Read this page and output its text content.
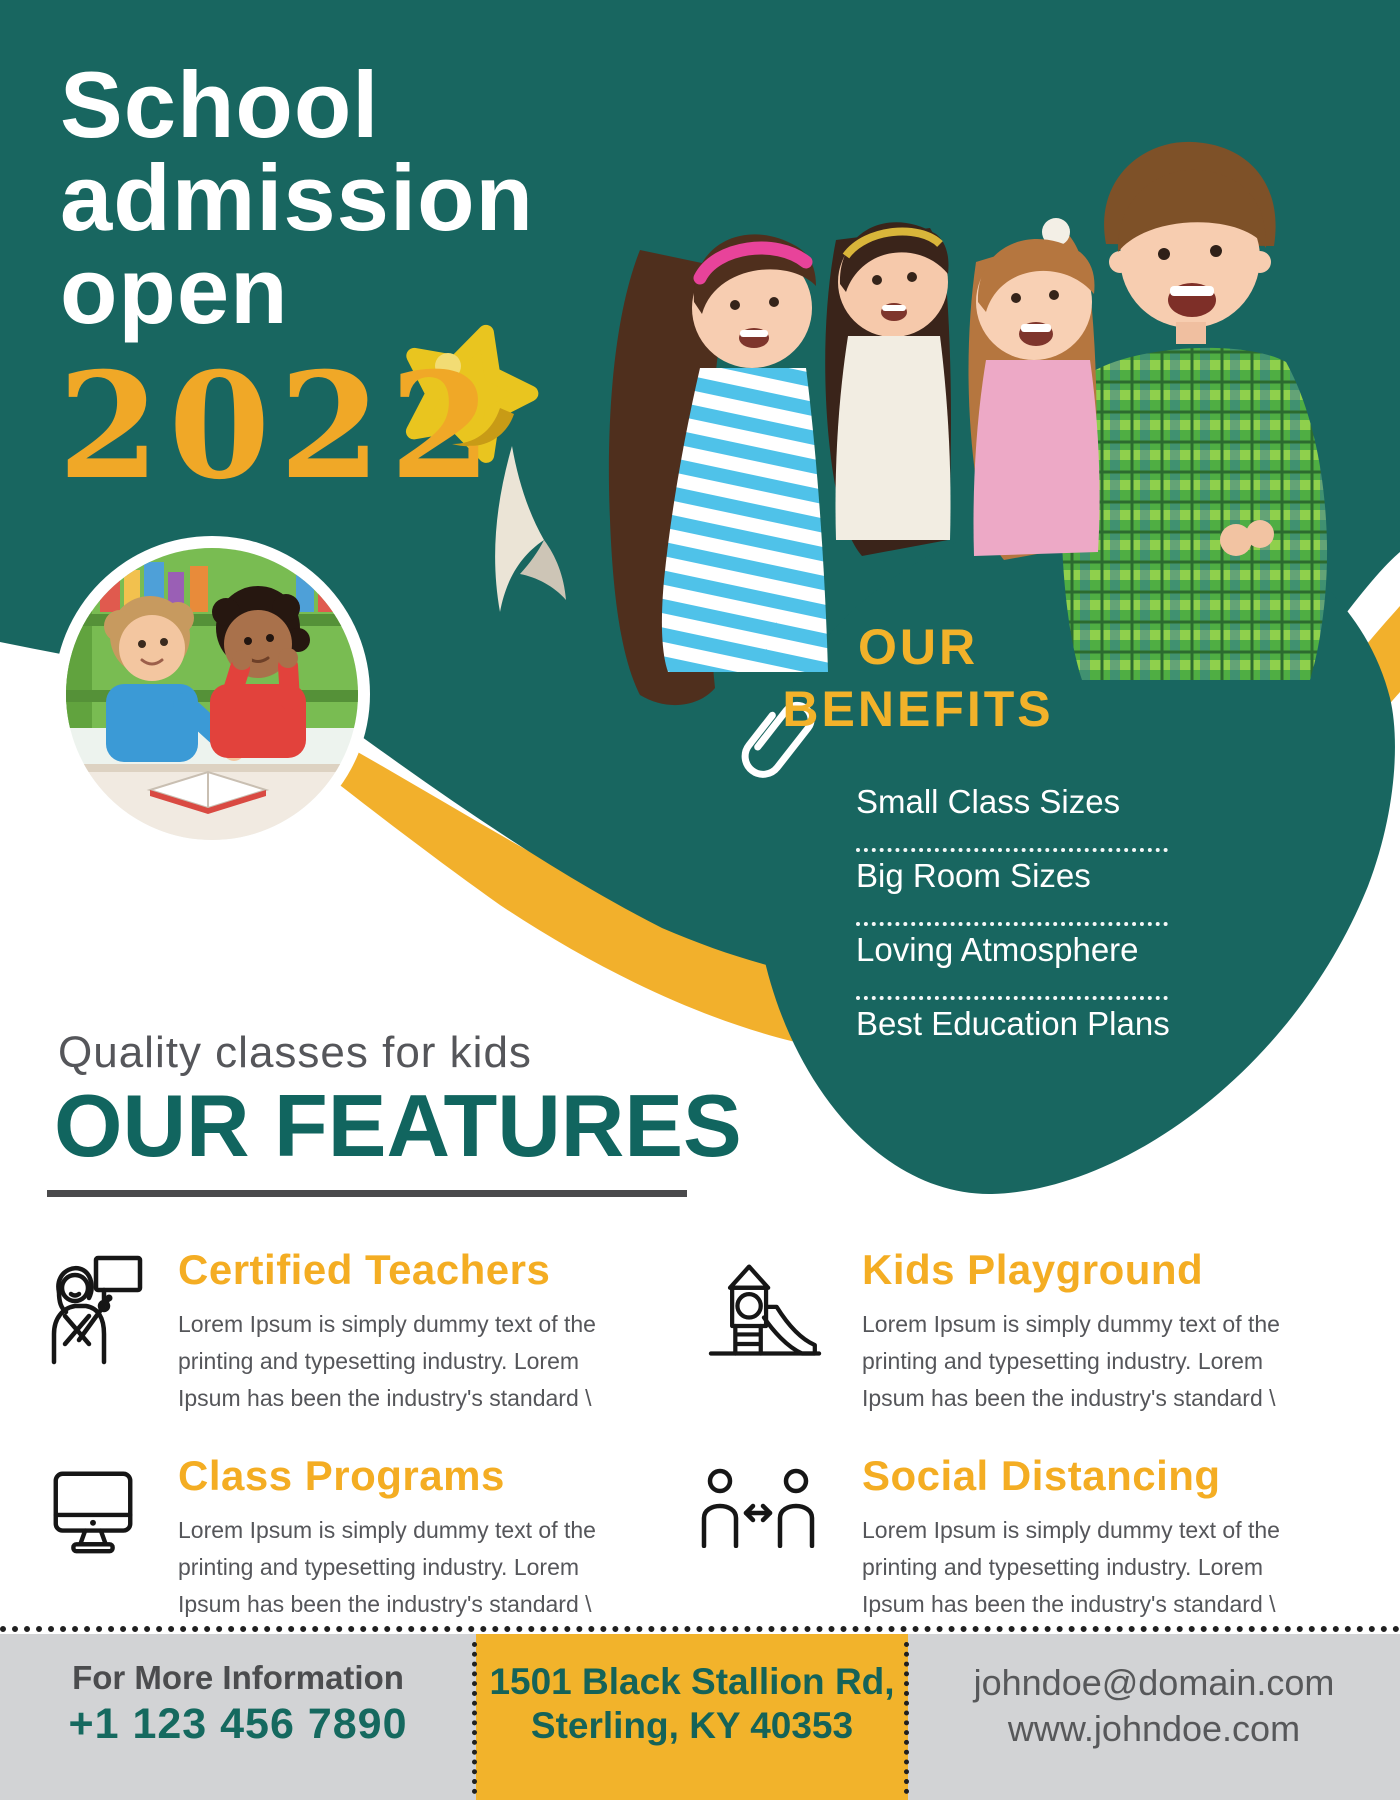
School
admission
open
2022
OUR
BENEFITS
Small Class Sizes
Big Room Sizes
Loving Atmosphere
Best Education Plans
Quality classes for kids
OUR FEATURES
Certified Teachers
Lorem Ipsum is simply dummy text of the printing and typesetting industry. Lorem Ipsum has been the industry's standard \
Kids Playground
Lorem Ipsum is simply dummy text of the printing and typesetting industry. Lorem Ipsum has been the industry's standard \
Class Programs
Lorem Ipsum is simply dummy text of the printing and typesetting industry. Lorem Ipsum has been the industry's standard \
Social Distancing
Lorem Ipsum is simply dummy text of the printing and typesetting industry. Lorem Ipsum has been the industry's standard \
For More Information
+1 123 456 7890
1501 Black Stallion Rd,
Sterling, KY 40353
johndoe@domain.com
www.johndoe.com
